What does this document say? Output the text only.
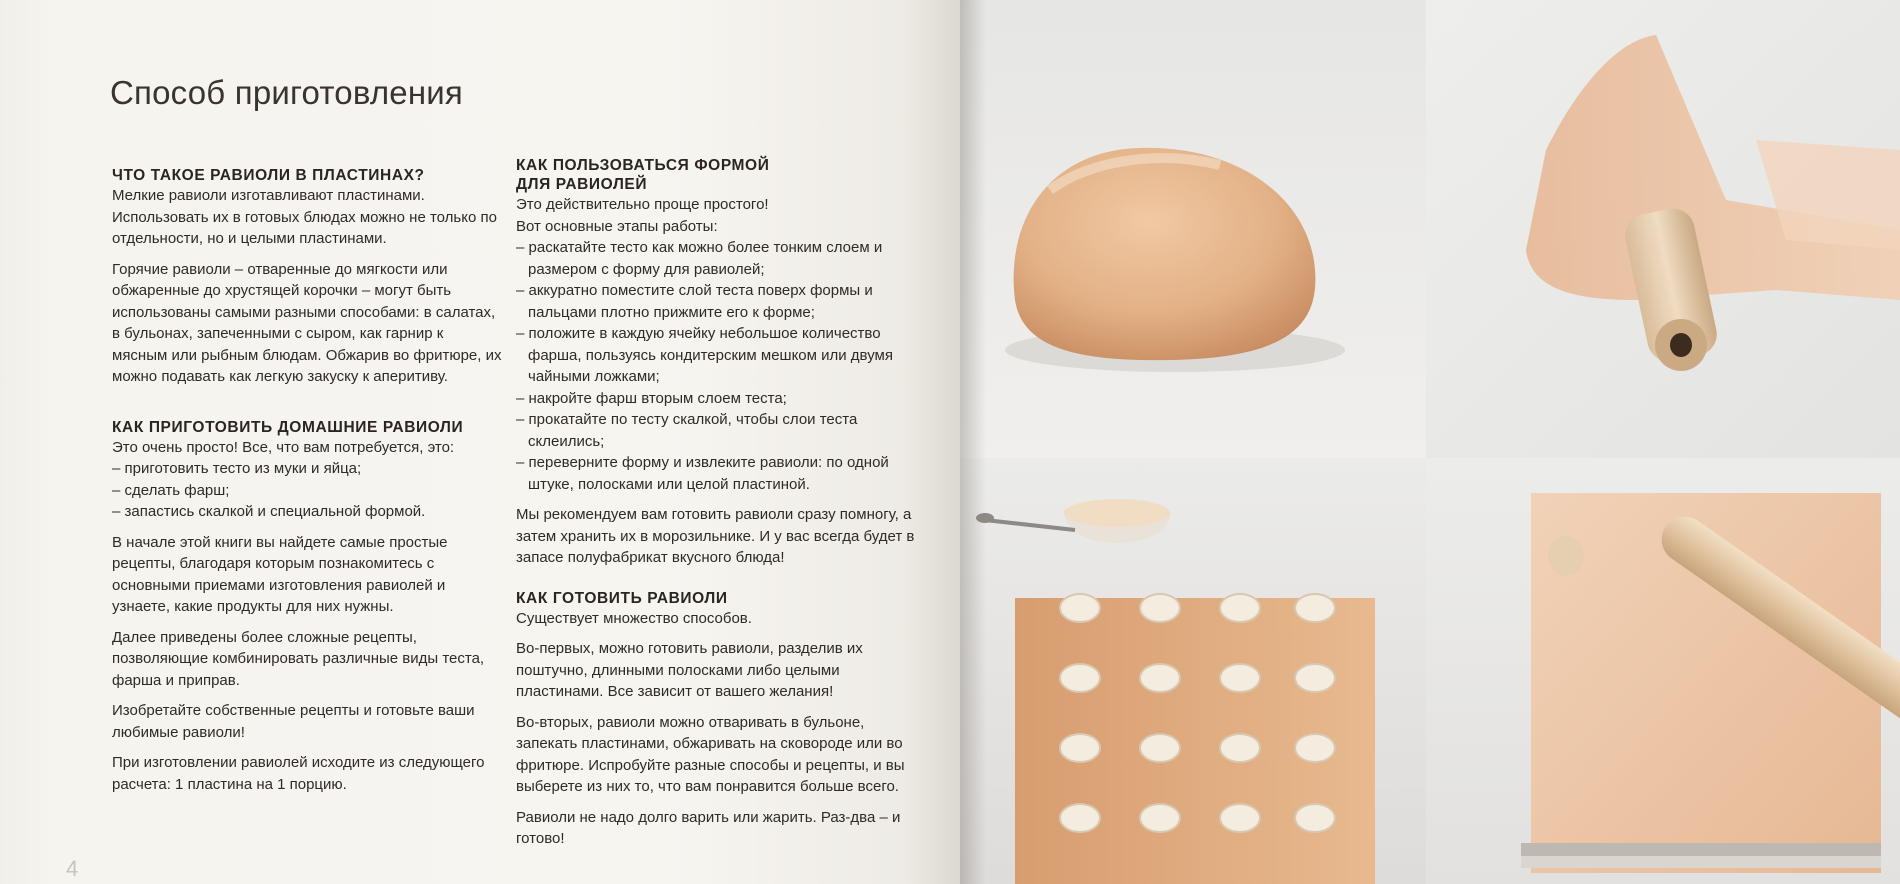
Способ приготовления
ЧТО ТАКОЕ РАВИОЛИ В ПЛАСТИНАХ?

Мелкие равиоли изготавливают пластинами. Использовать их в готовых блюдах можно не только по отдельности, но и целыми пластинами.

Горячие равиоли – отваренные до мягкости или обжаренные до хрустящей корочки – могут быть использованы самыми разными способами: в салатах, в бульонах, запеченными с сыром, как гарнир к мясным или рыбным блюдам. Обжарив во фритюре, их можно подавать как легкую закуску к аперитиву.

КАК ПРИГОТОВИТЬ ДОМАШНИЕ РАВИОЛИ

Это очень просто! Все, что вам потребуется, это:

– приготовить тесто из муки и яйца;
– сделать фарш;
– запастись скалкой и специальной формой.

В начале этой книги вы найдете самые простые рецепты, благодаря которым познакомитесь с основными приемами изготовления равиолей и узнаете, какие продукты для них нужны.

Далее приведены более сложные рецепты, позволяющие комбинировать различные виды теста, фарша и приправ.

Изобретайте собственные рецепты и готовьте ваши любимые равиоли!

При изготовлении равиолей исходите из следующего расчета: 1 пластина на 1 порцию.

КАК ПОЛЬЗОВАТЬСЯ ФОРМОЙ
ДЛЯ РАВИОЛЕЙ

Это действительно проще простого!

Вот основные этапы работы:

– раскатайте тесто как можно более тонким слоем и размером с форму для равиолей;
– аккуратно поместите слой теста поверх формы и пальцами плотно прижмите его к форме;
– положите в каждую ячейку небольшое количество фарша, пользуясь кондитерским мешком или двумя чайными ложками;
– накройте фарш вторым слоем теста;
– прокатайте по тесту скалкой, чтобы слои теста склеились;
– переверните форму и извлеките равиоли: по одной штуке, полосками или целой пластиной.

Мы рекомендуем вам готовить равиоли сразу помногу, а затем хранить их в морозильнике. И у вас всегда будет в запасе полуфабрикат вкусного блюда!

КАК ГОТОВИТЬ РАВИОЛИ

Существует множество способов.

Во-первых, можно готовить равиоли, разделив их поштучно, длинными полосками либо целыми пластинами. Все зависит от вашего желания!

Во-вторых, равиоли можно отваривать в бульоне, запекать пластинами, обжаривать на сковороде или во фритюре. Испробуйте разные способы и рецепты, и вы выберете из них то, что вам понравится больше всего.

Равиоли не надо долго варить или жарить. Раз-два – и готово!

4
